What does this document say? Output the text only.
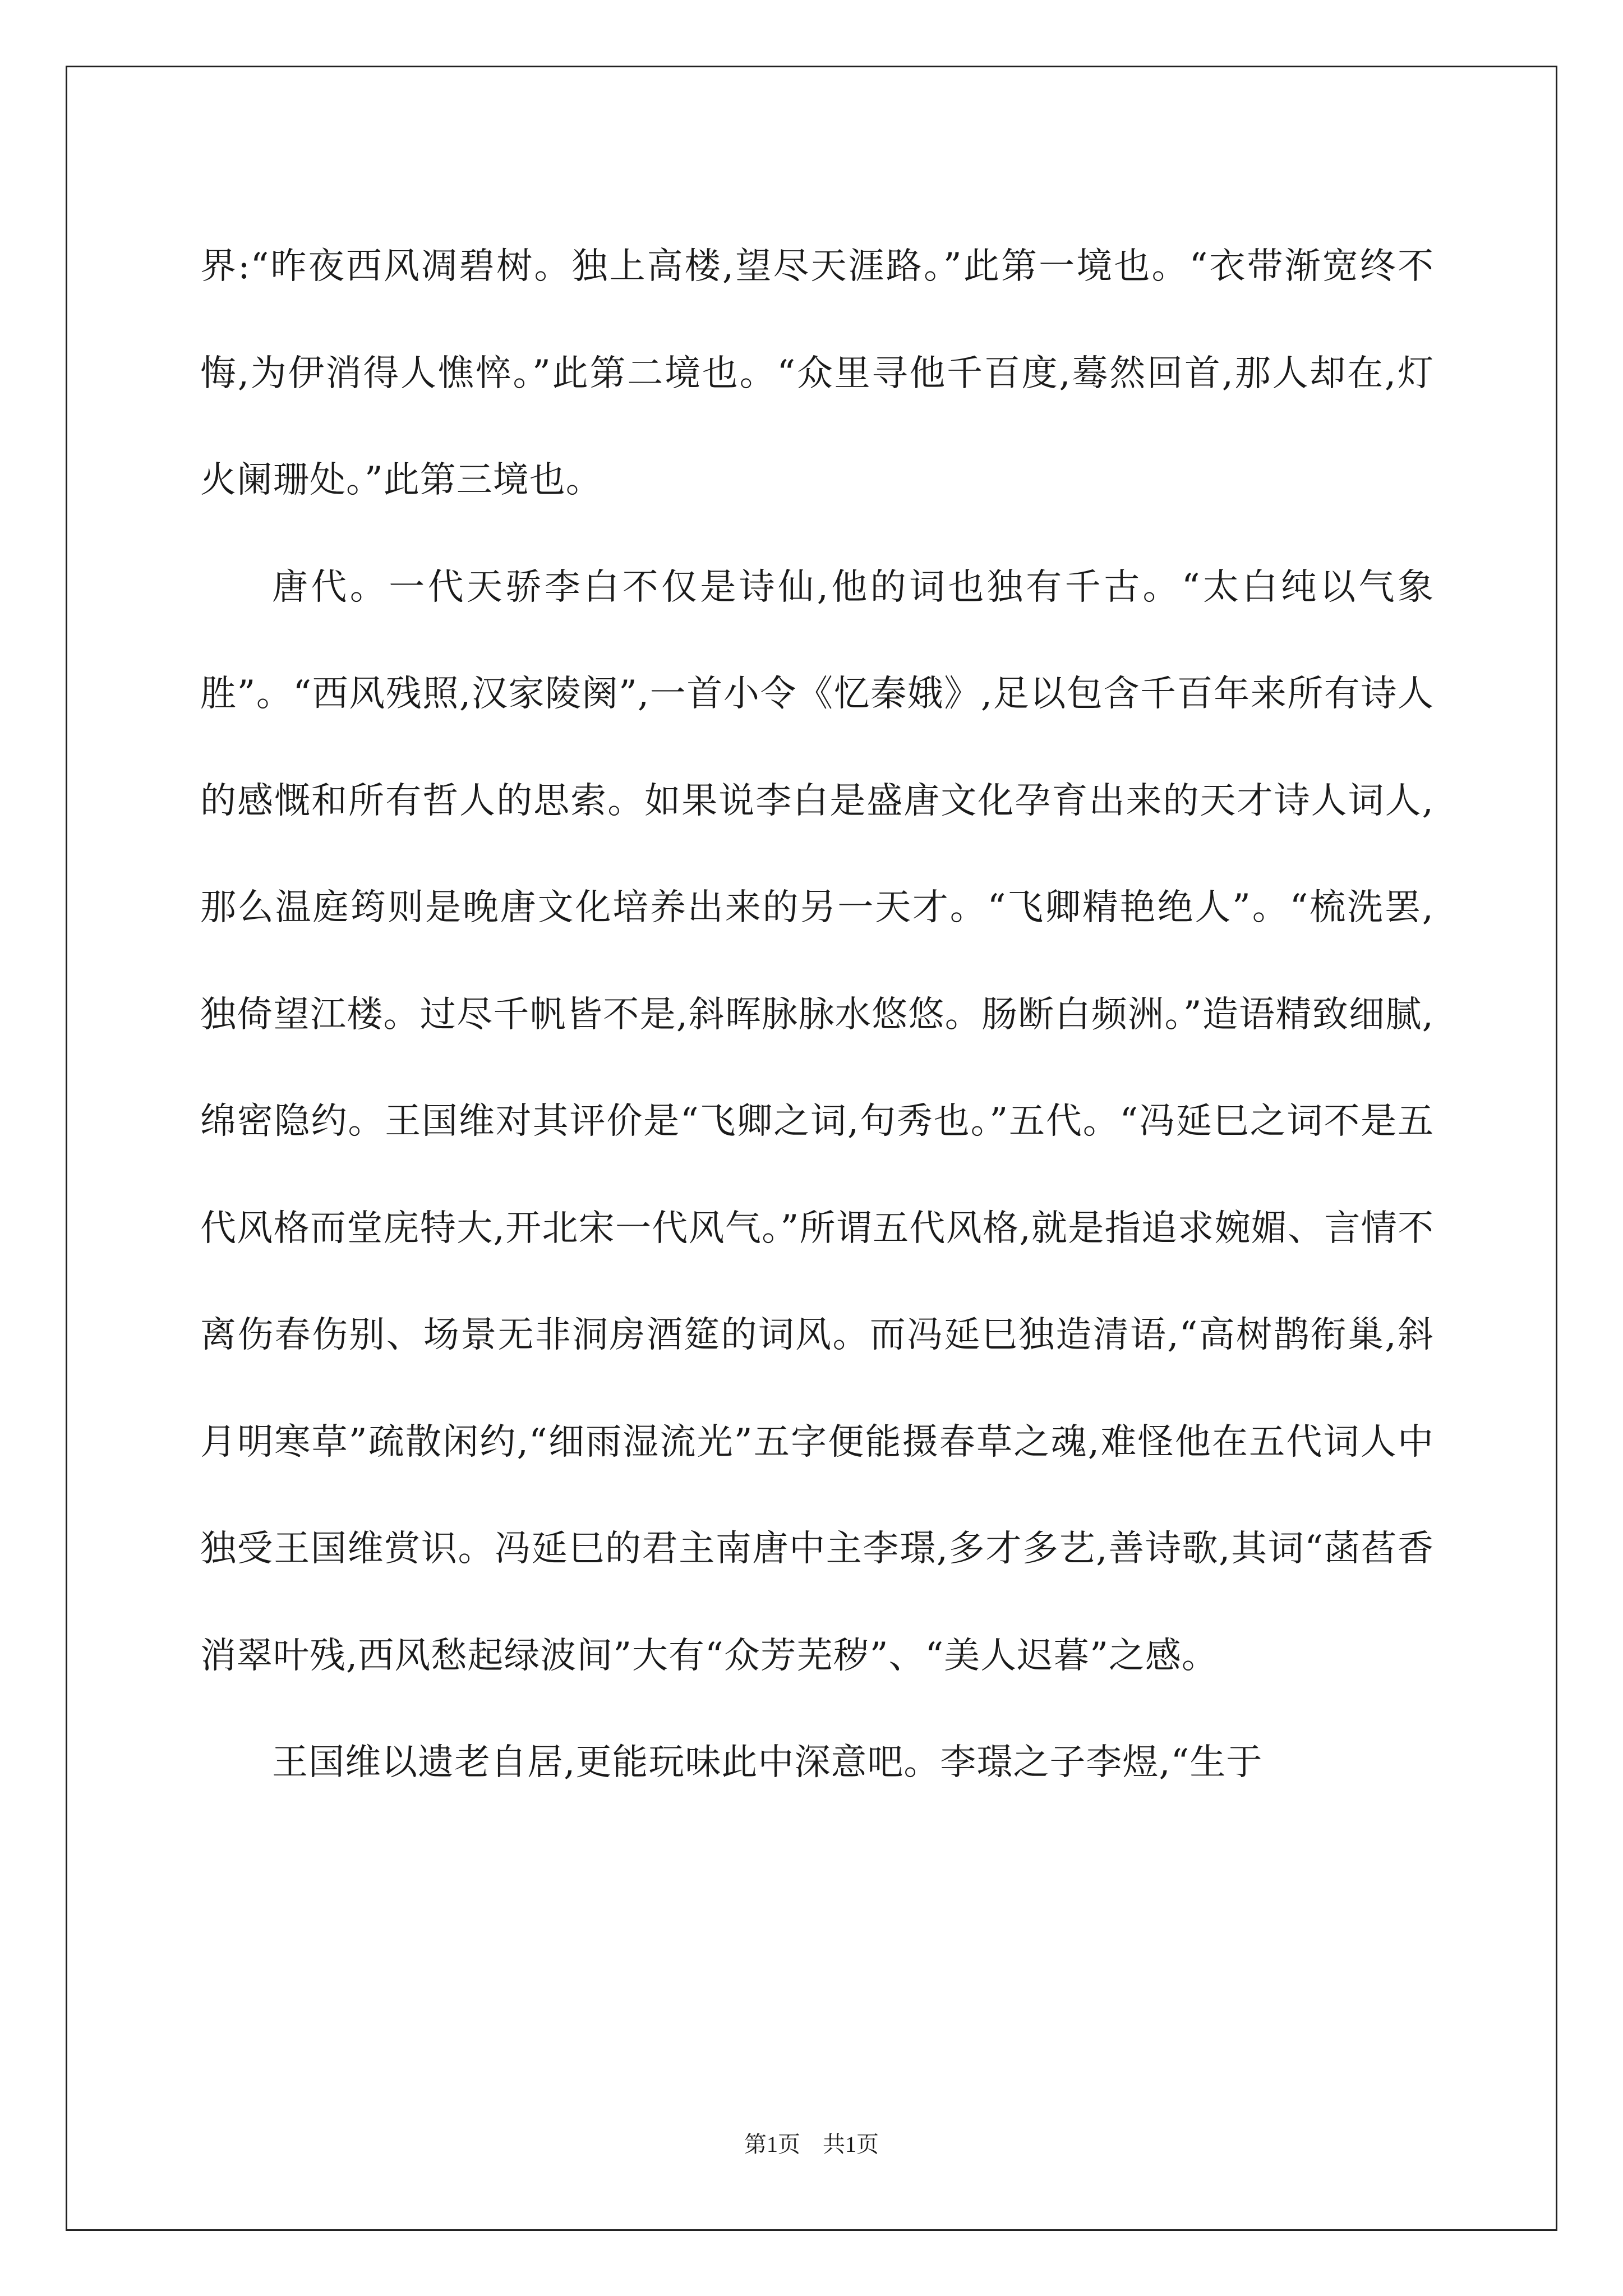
界:“昨夜西风凋碧树。独上高楼,望尽天涯路。”此第一境也。“衣带渐宽终不悔,为伊消得人憔悴。”此第二境也。“众里寻他千百度,蓦然回首,那人却在,灯火阑珊处。”此第三境也。

唐代。一代天骄李白不仅是诗仙,他的词也独有千古。“太白纯以气象胜”。“西风残照,汉家陵阕”,一首小令《忆秦娥》,足以包含千百年来所有诗人的感慨和所有哲人的思索。如果说李白是盛唐文化孕育出来的天才诗人词人,那么温庭筠则是晚唐文化培养出来的另一天才。“飞卿精艳绝人”。“梳洗罢,独倚望江楼。过尽千帆皆不是,斜晖脉脉水悠悠。肠断白频洲。”造语精致细腻,绵密隐约。王国维对其评价是“飞卿之词,句秀也。”五代。“冯延巳之词不是五代风格而堂庑特大,开北宋一代风气。”所谓五代风格,就是指追求婉媚、言情不离伤春伤别、场景无非洞房酒筵的词风。而冯延巳独造清语,“高树鹊衔巢,斜月明寒草”疏散闲约,“细雨湿流光”五字便能摄春草之魂,难怪他在五代词人中独受王国维赏识。冯延巳的君主南唐中主李璟,多才多艺,善诗歌,其词“菡萏香消翠叶残,西风愁起绿波间”大有“众芳芜秽”、“美人迟暮”之感。

王国维以遗老自居,更能玩味此中深意吧。李璟之子李煜,“生于

第1页　共1页
